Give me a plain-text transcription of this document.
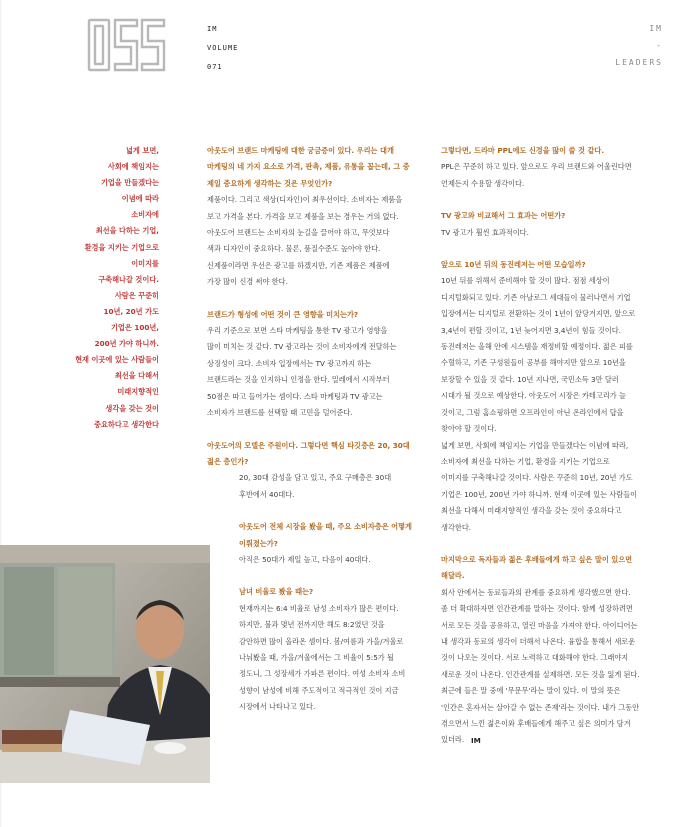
055
IM
VOLUME
071
IM
-
LEADERS
넓게 보면,
사회에 책임지는
기업을 만들겠다는
이념에 따라
소비자에
최선을 다하는 기업,
환경을 지키는 기업으로
이미지를
구축해나갈 것이다.
사람은 꾸준히
10년, 20년 가도
기업은 100년,
200년 가야 하니까.
현재 이곳에 있는 사람들이
최선을 다해서
미래지향적인
생각을 갖는 것이
중요하다고 생각한다
아웃도어 브랜드 마케팅에 대한 궁금증이 있다. 우리는 대개
마케팅의 네 가지 요소로 가격, 판촉, 제품, 유통을 꼽는데, 그 중
제일 중요하게 생각하는 것은 무엇인가?
제품이다. 그리고 색상(디자인)이 최우선이다. 소비자는 제품을
보고 가격을 본다. 가격을 보고 제품을 보는 경우는 거의 없다.
아웃도어 브랜드는 소비자의 눈길을 끌어야 하고, 무엇보다
색과 디자인이 중요하다. 물론, 품질수준도 높아야 한다.
신제품이라면 우선은 광고를 하겠지만, 기존 제품은 제품에
가장 많이 신경 써야 한다.
브랜드가 형성에 어떤 것이 큰 영향을 미치는가?
우리 기준으로 보면 스타 마케팅을 통한 TV 광고가 영향을
많이 미치는 것 같다. TV 광고라는 것이 소비자에게 전달하는
상징성이 크다. 소비자 입장에서는 TV 광고까지 하는
브랜드라는 것을 인지하니 인정을 한다. 밀레에서 시작부터
50점은 따고 들어가는 셈이다. 스타 마케팅과 TV 광고는
소비자가 브랜드를 선택할 때 고민을 덜어준다.
아웃도어의 모델은 주원이다. 그렇다면 핵심 타깃층은 20, 30대
젊은 층인가?
20, 30대 감성을 담고 있고, 주요 구매층은 30대
후반에서 40대다.
아웃도어 전체 시장을 봤을 때, 주요 소비자층은 어떻게
이뤄졌는가?
아직은 50대가 제일 높고, 다음이 40대다.
남녀 비율로 봤을 때는?
현재까지는 6:4 비율로 남성 소비자가 많은 편이다.
하지만, 불과 몇년 전까지만 해도 8:2였던 것을
감안하면 많이 올라온 셈이다. 봄/여름과 가을/겨울로
나눠봤을 때, 가을/겨울에서는 그 비율이 5:5가 될
정도니, 그 성장세가 가파른 편이다. 여성 소비자 소비
성향이 남성에 비해 주도적이고 적극적인 것이 지금
시장에서 나타나고 있다.
그렇다면, 드라마 PPL에도 신경을 많이 쓸 것 같다.
PPL은 꾸준히 하고 있다. 앞으로도 우리 브랜드와 어울린다면
언제든지 수용할 생각이다.
TV 광고와 비교해서 그 효과는 어떤가?
TV 광고가 훨씬 효과적이다.
앞으로 10년 뒤의 동진레저는 어떤 모습일까?
10년 뒤를 위해서 준비해야 할 것이 많다. 점점 세상이
디지털화되고 있다. 기존 아날로그 세대들이 물러나면서 기업
입장에서는 디지털로 전환하는 것이 1년이 앞당겨지면, 앞으로
3,4년이 편할 것이고, 1년 늦어지면 3,4년이 힘들 것이다.
동진레저는 올해 안에 시스템을 재정비할 예정이다. 젊은 피를
수혈하고, 기존 구성원들이 공부를 해야지만 앞으로 10년을
보장할 수 있을 것 같다. 10년 지나면, 국민소득 3만 달러
시대가 될 것으로 예상한다. 아웃도어 시장은 카테고리가 늘
것이고, 그럼 홈쇼핑하면 오프라인이 아닌 온라인에서 답을
찾아야 할 것이다.
넓게 보면, 사회에 책임지는 기업을 만들겠다는 이념에 따라,
소비자에 최선을 다하는 기업, 환경을 지키는 기업으로
이미지를 구축해나갈 것이다. 사람은 꾸준히 10년, 20년 가도
기업은 100년, 200년 가야 하니까. 현재 이곳에 있는 사람들이
최선을 다해서 미래지향적인 생각을 갖는 것이 중요하다고
생각한다.
마지막으로 독자들과 젊은 후배들에게 하고 싶은 말이 있으면
해달라.
회사 안에서는 동료들과의 관계를 중요하게 생각했으면 한다.
좀 더 확대하자면 인간관계를 말하는 것이다. 함께 성장하려면
서로 모든 것을 공유하고, 열린 마음을 가져야 한다. 아이디어는
내 생각과 동료의 생각이 더해서 나온다. 융합을 통해서 새로운
것이 나오는 것이다. 서로 노력하고 대화해야 한다. 그래야지
새로운 것이 나온다. 인간관계를 실제하면. 모든 것을 잃게 된다.
최근에 들은 말 중에 '무문무'라는 말이 있다. 이 말의 뜻은
'인간은 혼자서는 살아갈 수 없는 존재'라는 것이다. 내가 그동안
겪으면서 느낀 젊은이와 후배들에게 해주고 싶은 의미가 담겨
있더라. IM
